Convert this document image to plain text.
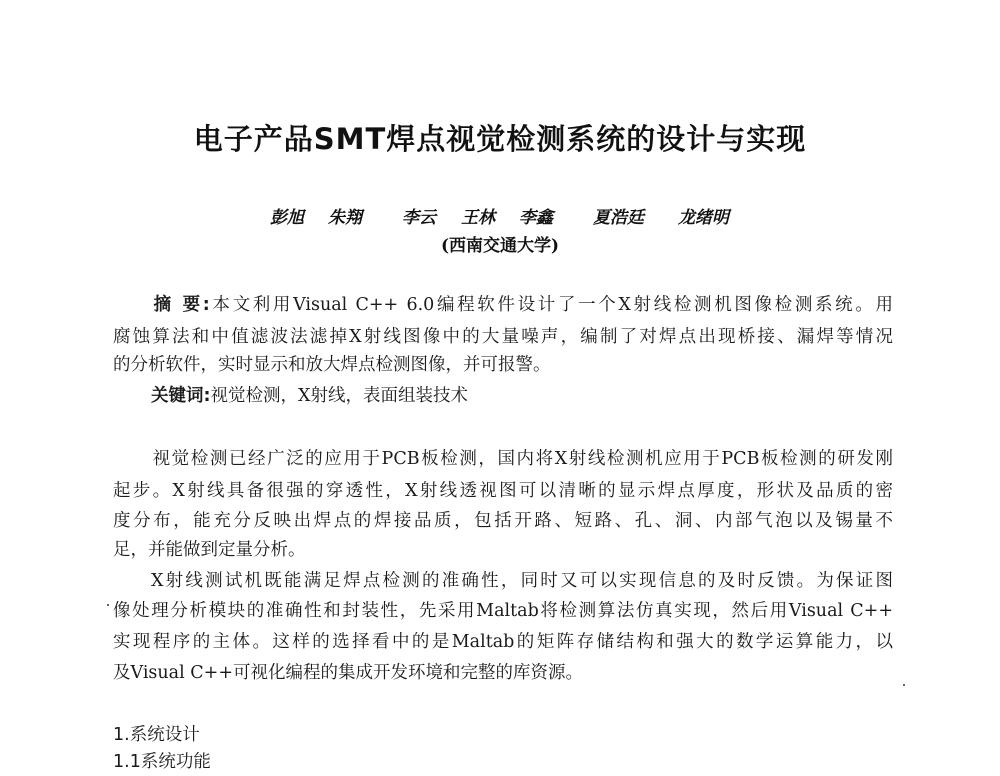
电子产品SMT焊点视觉检测系统的设计与实现
彭旭 朱翔 李云 王林 李鑫 夏浩廷 龙绪明
(西南交通大学)
摘 要:本文利用Visual C++ 6.0编程软件设计了一个X射线检测机图像检测系统。用
腐蚀算法和中值滤波法滤掉X射线图像中的大量噪声，编制了对焊点出现桥接、漏焊等情况
的分析软件，实时显示和放大焊点检测图像，并可报警。
关键词:视觉检测，X射线，表面组装技术
视觉检测已经广泛的应用于PCB板检测，国内将X射线检测机应用于PCB板检测的研发刚
起步。X射线具备很强的穿透性，X射线透视图可以清晰的显示焊点厚度，形状及品质的密
度分布，能充分反映出焊点的焊接品质，包括开路、短路、孔、洞、内部气泡以及锡量不
足，并能做到定量分析。
X射线测试机既能满足焊点检测的准确性，同时又可以实现信息的及时反馈。为保证图
像处理分析模块的准确性和封装性，先采用Maltab将检测算法仿真实现，然后用Visual C++
实现程序的主体。这样的选择看中的是Maltab的矩阵存储结构和强大的数学运算能力，以
及Visual C++可视化编程的集成开发环境和完整的库资源。
1.系统设计
1.1系统功能
